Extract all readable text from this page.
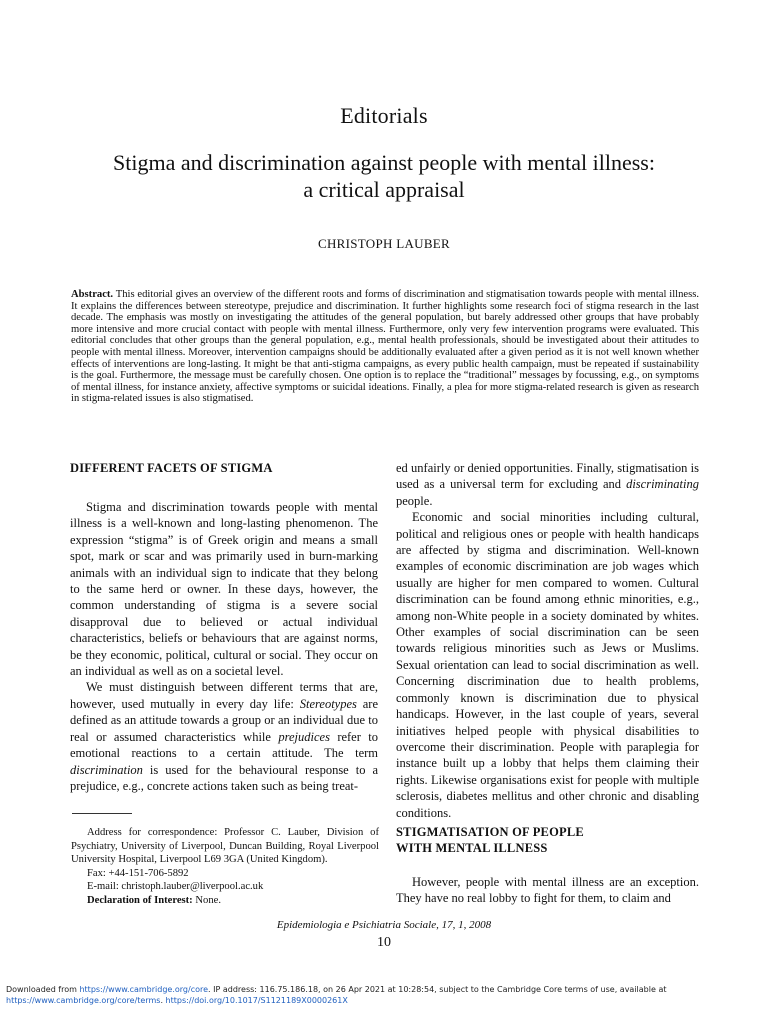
Editorials
Stigma and discrimination against people with mental illness:
a critical appraisal
CHRISTOPH LAUBER
Abstract. This editorial gives an overview of the different roots and forms of discrimination and stigmatisation towards people with mental illness. It explains the differences between stereotype, prejudice and discrimination. It further highlights some research foci of stigma research in the last decade. The emphasis was mostly on investigating the attitudes of the general population, but barely addressed other groups that have probably more intensive and more crucial contact with people with mental illness. Furthermore, only very few intervention programs were evaluated. This editorial concludes that other groups than the general population, e.g., mental health professionals, should be investigated about their attitudes to people with mental illness. Moreover, intervention campaigns should be additionally evaluated after a given period as it is not well known whether effects of interventions are long-lasting. It might be that anti-stigma campaigns, as every public health campaign, must be repeated if sustainability is the goal. Furthermore, the message must be carefully chosen. One option is to replace the “traditional” messages by focussing, e.g., on symptoms of mental illness, for instance anxiety, affective symptoms or suicidal ideations. Finally, a plea for more stigma-related research is given as research in stigma-related issues is also stigmatised.
DIFFERENT FACETS OF STIGMA

Stigma and discrimination towards people with mental illness is a well-known and long-lasting phenomenon. The expression “stigma” is of Greek origin and means a small spot, mark or scar and was primarily used in burn-marking animals with an individual sign to indicate that they belong to the same herd or owner. In these days, however, the common understanding of stigma is a severe social disapproval due to believed or actual individual characteristics, beliefs or behaviours that are against norms, be they economic, political, cultural or social. They occur on an individual as well as on a societal level.

We must distinguish between different terms that are, however, used mutually in every day life: Stereotypes are defined as an attitude towards a group or an individual due to real or assumed characteristics while prejudices refer to emotional reactions to a certain attitude. The term discrimination is used for the behavioural response to a prejudice, e.g., concrete actions taken such as being treat-

ed unfairly or denied opportunities. Finally, stigmatisation is used as a universal term for excluding and discriminating people.

Economic and social minorities including cultural, political and religious ones or people with health handicaps are affected by stigma and discrimination. Well-known examples of economic discrimination are job wages which usually are higher for men compared to women. Cultural discrimination can be found among ethnic minorities, e.g., among non-White people in a society dominated by whites. Other examples of social discrimination can be seen towards religious minorities such as Jews or Muslims. Sexual orientation can lead to social discrimination as well. Concerning discrimination due to health problems, commonly known is discrimination due to physical handicaps. However, in the last couple of years, several initiatives helped people with physical disabilities to overcome their discrimination. People with paraplegia for instance built up a lobby that helps them claiming their rights. Likewise organisations exist for people with multiple sclerosis, diabetes mellitus and other chronic and disabling conditions.

Address for correspondence: Professor C. Lauber, Division of Psychiatry, University of Liverpool, Duncan Building, Royal Liverpool University Hospital, Liverpool L69 3GA (United Kingdom).

Fax: +44-151-706-5892

E-mail: christoph.lauber@liverpool.ac.uk

Declaration of Interest: None.

STIGMATISATION OF PEOPLE
WITH MENTAL ILLNESS

However, people with mental illness are an exception. They have no real lobby to fight for them, to claim and

Epidemiologia e Psichiatria Sociale, 17, 1, 2008
10
Downloaded from https://www.cambridge.org/core. IP address: 116.75.186.18, on 26 Apr 2021 at 10:28:54, subject to the Cambridge Core terms of use, available at
https://www.cambridge.org/core/terms. https://doi.org/10.1017/S1121189X0000261X
